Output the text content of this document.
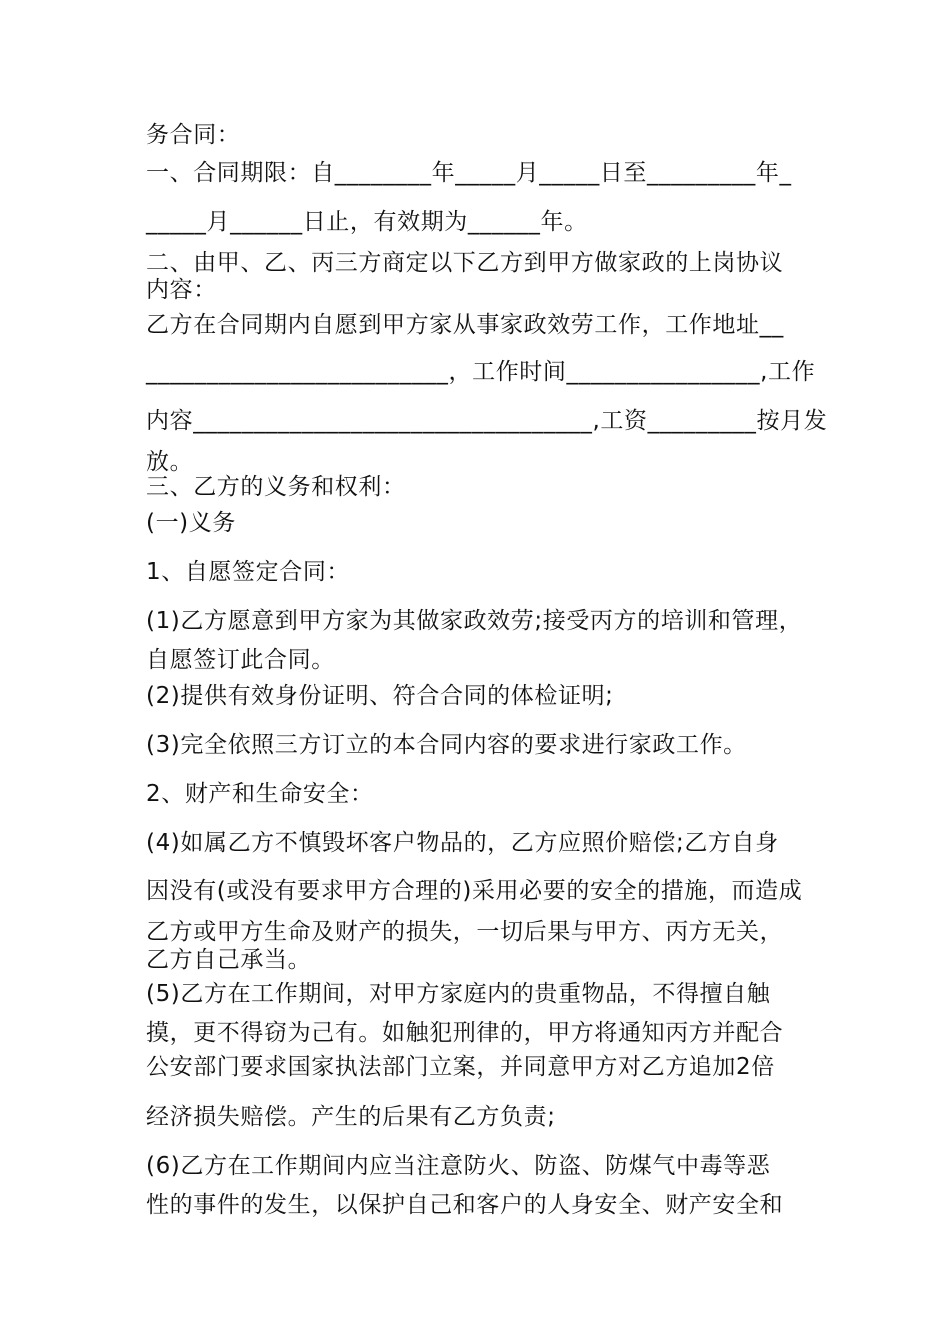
务合同：
一、合同期限：自________年_____月_____日至_________年_
_____月______日止，有效期为______年。
二、由甲、乙、丙三方商定以下乙方到甲方做家政的上岗协议
内容：
乙方在合同期内自愿到甲方家从事家政效劳工作，工作地址__
_________________________，工作时间________________,工作
内容_________________________________,工资_________按月发
放。
三、乙方的义务和权利：
(一)义务
1、自愿签定合同：
(1)乙方愿意到甲方家为其做家政效劳;接受丙方的培训和管理，
自愿签订此合同。
(2)提供有效身份证明、符合合同的体检证明;
(3)完全依照三方订立的本合同内容的要求进行家政工作。
2、财产和生命安全：
(4)如属乙方不慎毁坏客户物品的，乙方应照价赔偿;乙方自身
因没有(或没有要求甲方合理的)采用必要的安全的措施，而造成
乙方或甲方生命及财产的损失，一切后果与甲方、丙方无关，
乙方自己承当。
(5)乙方在工作期间，对甲方家庭内的贵重物品，不得擅自触
摸，更不得窃为己有。如触犯刑律的，甲方将通知丙方并配合
公安部门要求国家执法部门立案，并同意甲方对乙方追加2倍
经济损失赔偿。产生的后果有乙方负责;
(6)乙方在工作期间内应当注意防火、防盗、防煤气中毒等恶
性的事件的发生，以保护自己和客户的人身安全、财产安全和
